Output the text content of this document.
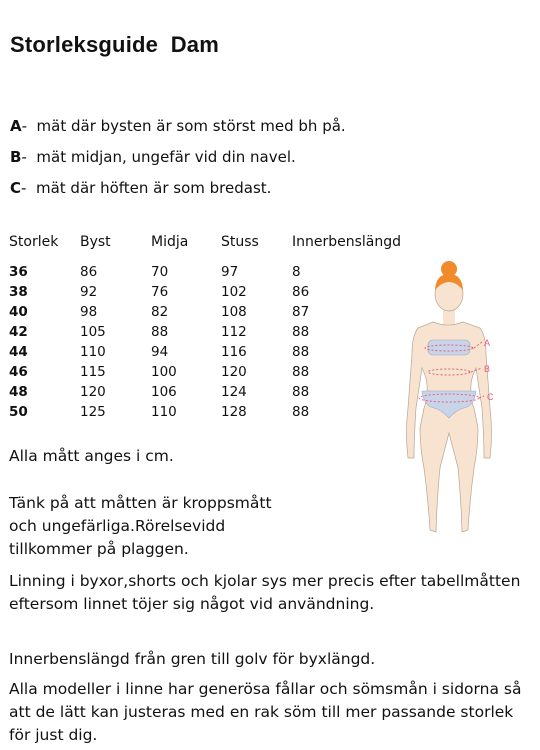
Storleksguide  Dam
A-  mät där bysten är som störst med bh på.
B-  mät midjan, ungefär vid din navel.
C-  mät där höften är som bredast.
Storlek Byst	Midja Stuss Innerbenslängd
36	86	70	97	8
38	92	76	102	86
40	98	82	108	87
42	105	88	112	88
44	110	94	116	88
46	115	100	120	88
48	120	106	124	88
50	125	110	128	88
Alla mått anges i cm.
Tänk på att måtten är kroppsmått
och ungefärliga.Rörelsevidd
tillkommer på plaggen.
Linning i byxor,shorts och kjolar sys mer precis efter tabellmåtten eftersom linnet töjer sig något vid användning.
Innerbenslängd från gren till golv för byxlängd.
Alla modeller i linne har generösa fållar och sömsmån i sidorna så att de lätt kan justeras med en rak söm till mer passande storlek för just dig.
A
B
C
